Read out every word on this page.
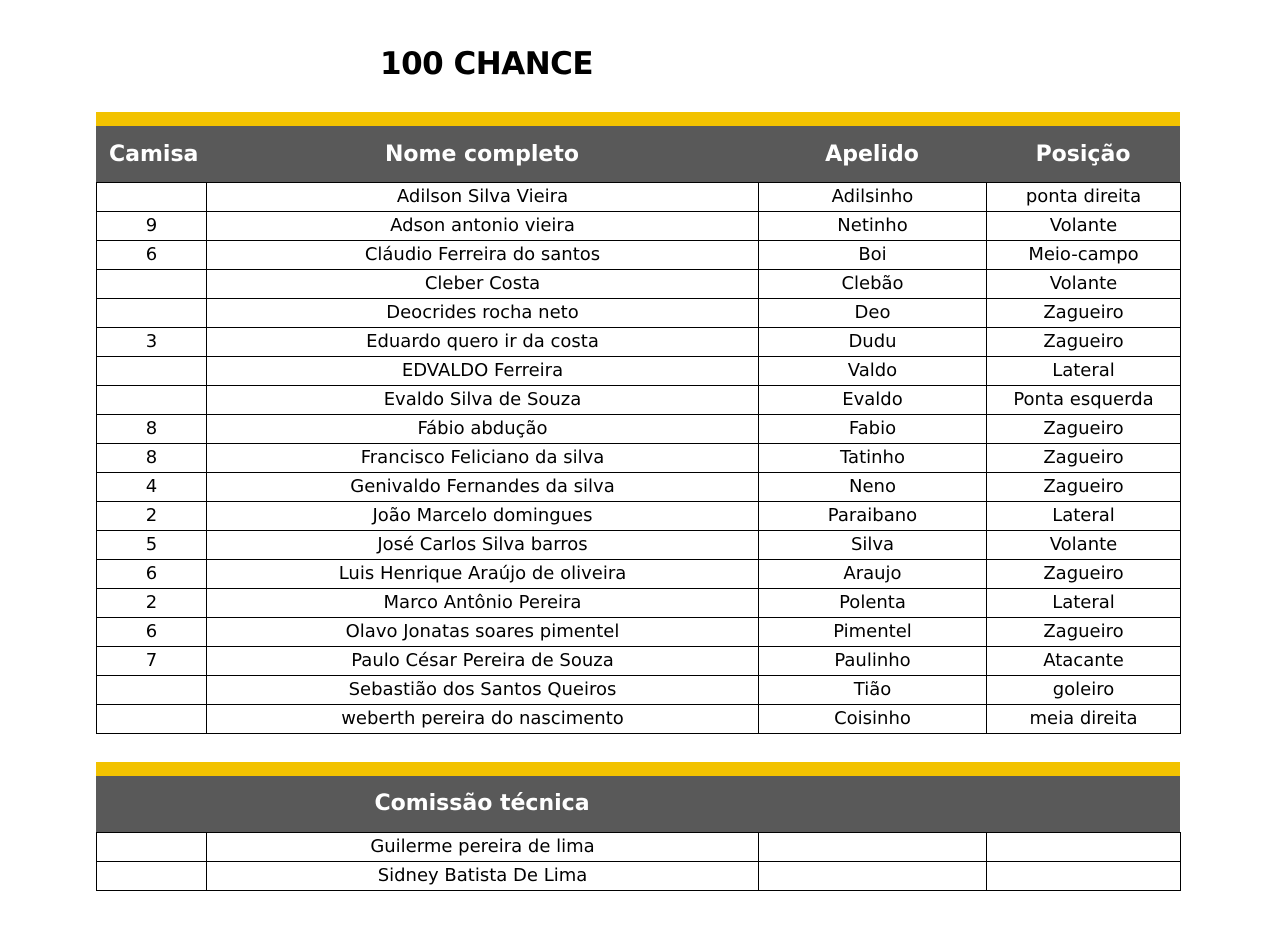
100 CHANCE
Camisa	Nome completo	Apelido	Posição
	Adilson Silva Vieira	Adilsinho	ponta direita
9	Adson antonio vieira	Netinho	Volante
6	Cláudio Ferreira do santos	Boi	Meio-campo
	Cleber Costa	Clebão	Volante
	Deocrides rocha neto	Deo	Zagueiro
3	Eduardo quero ir da costa	Dudu	Zagueiro
	EDVALDO Ferreira	Valdo	Lateral
	Evaldo Silva de Souza	Evaldo	Ponta esquerda
8	Fábio abdução	Fabio	Zagueiro
8	Francisco Feliciano da silva	Tatinho	Zagueiro
4	Genivaldo Fernandes da silva	Neno	Zagueiro
2	João Marcelo domingues	Paraibano	Lateral
5	José Carlos Silva barros	Silva	Volante
6	Luis Henrique Araújo de oliveira	Araujo	Zagueiro
2	Marco Antônio Pereira	Polenta	Lateral
6	Olavo Jonatas soares pimentel	Pimentel	Zagueiro
7	Paulo César Pereira de Souza	Paulinho	Atacante
	Sebastião dos Santos Queiros	Tião	goleiro
	weberth pereira do nascimento	Coisinho	meia direita
Comissão técnica
	Guilerme pereira de lima		
	Sidney Batista De Lima		
